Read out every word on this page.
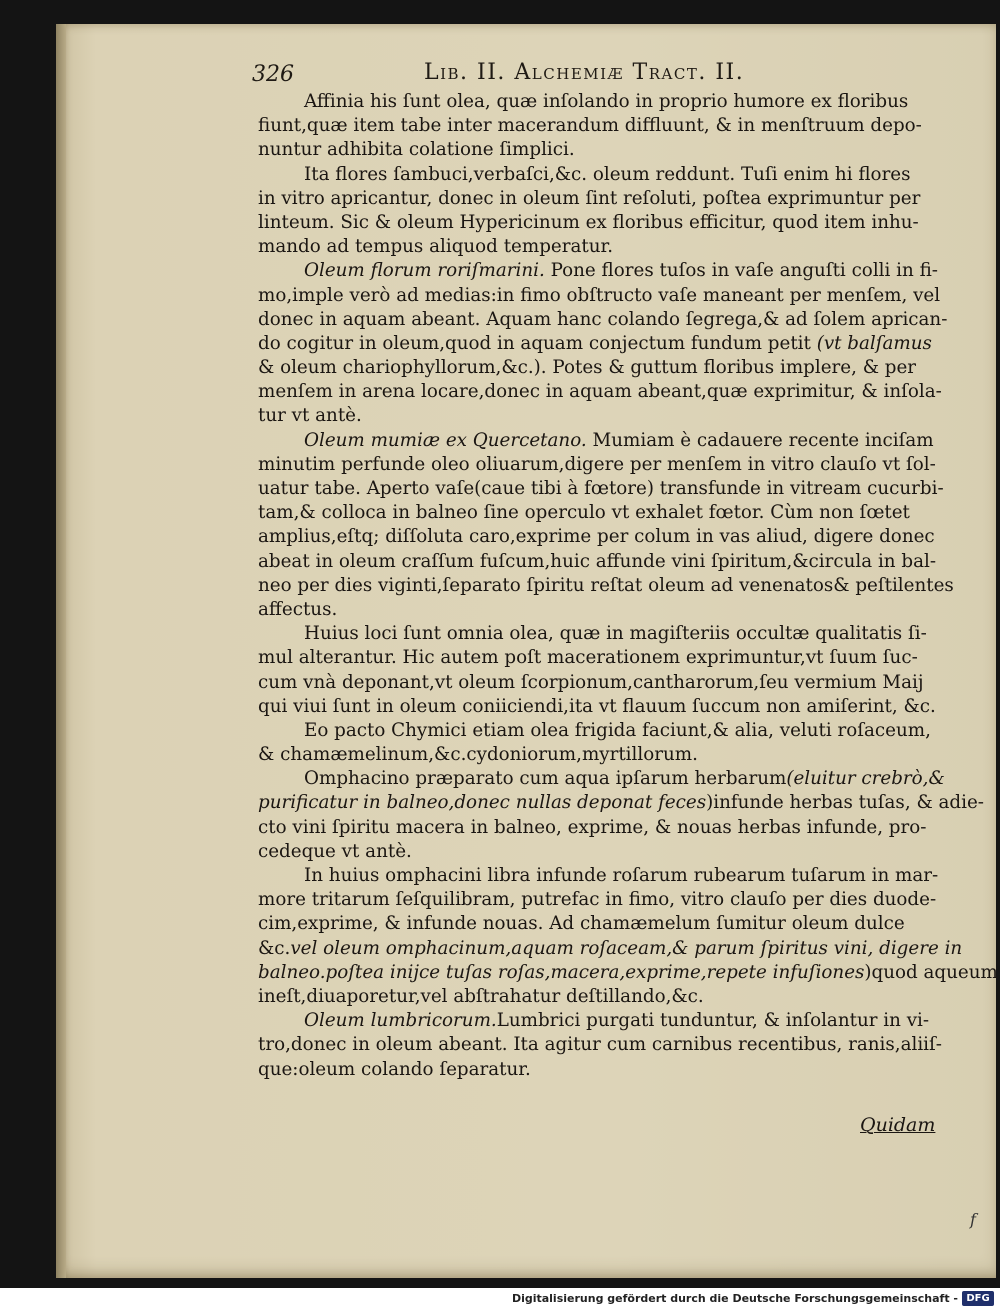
326	Lib. II. Alchemiæ Tract. II.
Affinia his ſunt olea, quæ inſolando in proprio humore ex floribus
fiunt,quæ item tabe inter macerandum diffluunt, & in menſtruum depo-
nuntur adhibita colatione ſimplici.
Ita flores ſambuci,verbaſci,&c. oleum reddunt. Tuſi enim hi flores
in vitro apricantur, donec in oleum ſint reſoluti, poſtea exprimuntur per
linteum. Sic & oleum Hypericinum ex floribus efficitur, quod item inhu-
mando ad tempus aliquod temperatur.
Oleum florum roriſmarini. Pone flores tuſos in vaſe anguſti colli in fi-
mo,imple verò ad medias:in fimo obſtructo vaſe maneant per menſem, vel
donec in aquam abeant. Aquam hanc colando ſegrega,& ad ſolem aprican-
do cogitur in oleum,quod in aquam conjectum fundum petit (vt balſamus
& oleum chariophyllorum,&c.). Potes & guttum floribus implere, & per
menſem in arena locare,donec in aquam abeant,quæ exprimitur, & inſola-
tur vt antè.
Oleum mumiæ ex Quercetano. Mumiam è cadauere recente inciſam
minutim perfunde oleo oliuarum,digere per menſem in vitro clauſo vt ſol-
uatur tabe. Aperto vaſe(caue tibi à fœtore) transfunde in vitream cucurbi-
tam,& colloca in balneo ſine operculo vt exhalet fœtor. Cùm non ſœtet
amplius,eſtq; diſſoluta caro,exprime per colum in vas aliud, digere donec
abeat in oleum craſſum fuſcum,huic affunde vini ſpiritum,&circula in bal-
neo per dies viginti,ſeparato ſpiritu reſtat oleum ad venenatos& peſtilentes
affectus.
Huius loci ſunt omnia olea, quæ in magiſteriis occultæ qualitatis ſi-
mul alterantur. Hic autem poſt macerationem exprimuntur,vt ſuum ſuc-
cum vnà deponant,vt oleum ſcorpionum,cantharorum,ſeu vermium Maij
qui viui ſunt in oleum coniiciendi,ita vt flauum ſuccum non amiſerint, &c.
Eo pacto Chymici etiam olea frigida faciunt,& alia, veluti roſaceum,
& chamæmelinum,&c.cydoniorum,myrtillorum.
Omphacino præparato cum aqua ipſarum herbarum(eluitur crebrò,&
purificatur in balneo,donec nullas deponat feces)infunde herbas tuſas, & adie-
cto vini ſpiritu macera in balneo, exprime, & nouas herbas infunde, pro-
cedeque vt antè.
In huius omphacini libra infunde roſarum rubearum tuſarum in mar-
more tritarum ſeſquilibram, putrefac in fimo, vitro clauſo per dies duode-
cim,exprime, & infunde nouas. Ad chamæmelum ſumitur oleum dulce
&c.vel oleum omphacinum,aquam roſaceam,& parum ſpiritus vini, digere in
balneo.poſtea inijce tuſas roſas,macera,exprime,repete infuſiones)quod aqueum
ineſt,diuaporetur,vel abſtrahatur deſtillando,&c.
Oleum lumbricorum.Lumbrici purgati tunduntur, & inſolantur in vi-
tro,donec in oleum abeant. Ita agitur cum carnibus recentibus, ranis,aliiſ-
que:oleum colando ſeparatur.
Quidam
f
Digitalisierung gefördert durch die Deutsche Forschungsgemeinschaft - DFG
